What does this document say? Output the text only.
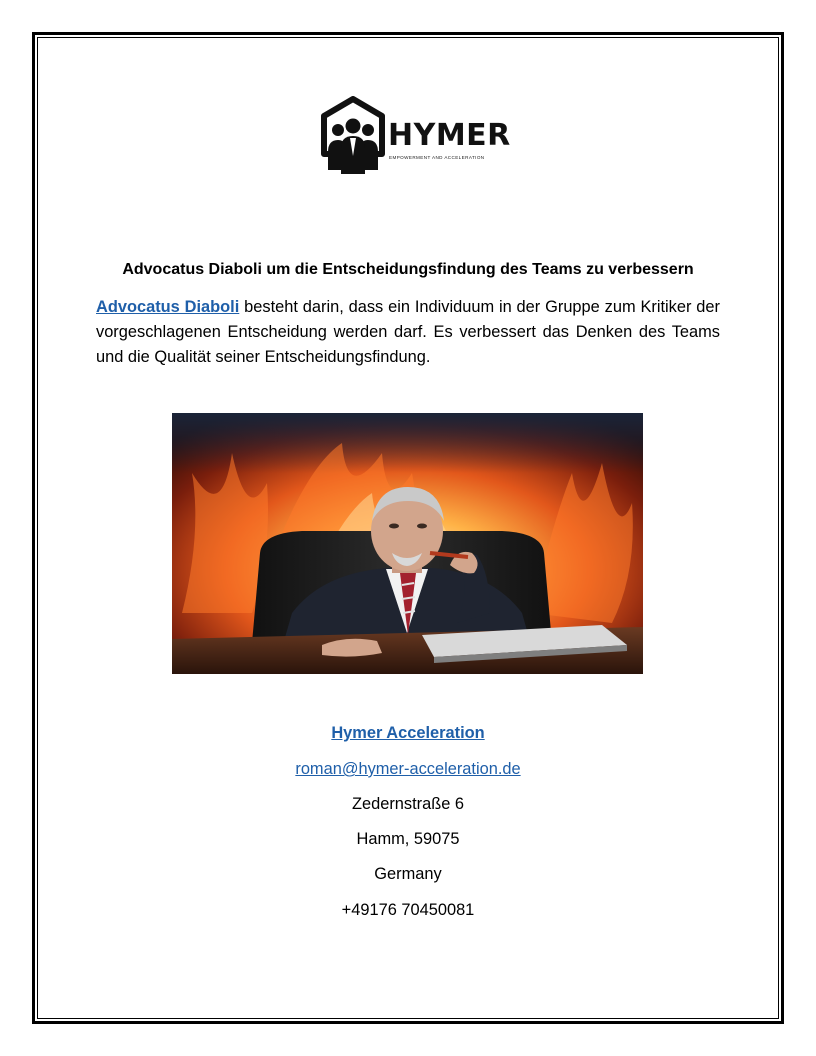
HYMER
EMPOWERMENT AND ACCELERATION
Advocatus Diaboli um die Entscheidungsfindung des Teams zu verbessern

Advocatus Diaboli besteht darin, dass ein Individuum in der Gruppe zum Kritiker der vorgeschlagenen Entscheidung werden darf. Es verbessert das Denken des Teams und die Qualität seiner Entscheidungsfindung.

Hymer Acceleration

roman@hymer-acceleration.de

Zedernstraße 6

Hamm, 59075

Germany

+49176 70450081
